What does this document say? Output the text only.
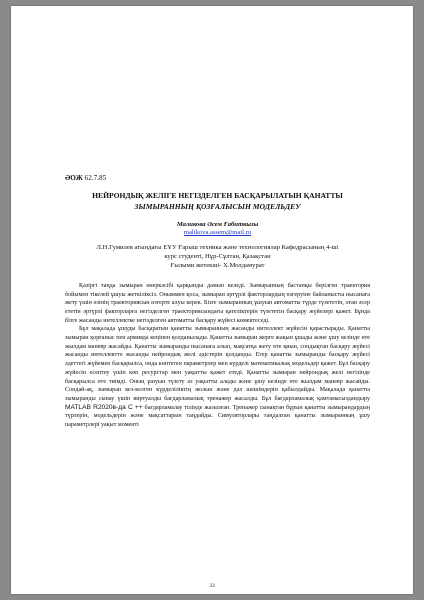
ӘОЖ 62.7.85
НЕЙРОНДЫҚ ЖЕЛІГЕ НЕГІЗДЕЛГЕН БАСҚАРЫЛАТЫН ҚАНАТТЫ
ЗЫМЫРАННЫҢ ҚОЗҒАЛЫСЫН МОДЕЛЬДЕУ
Маликова Әсем Ғабиткызы
malikova.assem@mail.ru
Л.Н.Гумилев атындағы ЕҰУ Ғарыш техника және технологиялар Кафедрасының 4-ші
курс студенті, Нұр-Сұлтан, Қазақстан
Ғылыми жетекші- Х.Молдамурат

Қазіргі таңда зымыран өнеркәсібі қарқынды дамып келеді. Зымыранның бастапқы берілген траектория бойымен тікелей ұшуы жеткіліксіз. Оныммен қоса, зымыран әртүрлі факторлардың өзгеруіне байланысты нысанаға жету үшін өзінің траекториясын өзгерте алуы керек. Бізге зымыранның ұшуын автоматты түрде түзететін, оған әсер ететін әртүрлі факторларға негізделген траекториясындағы қателіктерін түзететін басқару жүйелері қажет. Бұнда бізге жасанды интеллектке негізделген автоматты басқару жүйесі көмектеседі.

Бұл мақалада ұшуды басқаратын қанатты зымыранның жасанды интеллект жүйесін қарастырады. Қанатты зымыран қорғаныс пен армияда кеңінен қолданылады. Қанатты зымыран жерге жақын ұшады және ұшу кезінде өте жылдам маневр жасайды. Қанатты зымыранды нысанаға алып, мақсатқа жету өте қиын, сондықтан басқару жүйесі жасанды интеллектте жасанды нейрондық желі әдістерін қолданды. Егер қанатты зымыранды басқару жүйесі әдеттегі жүйемен басқарылса, онда көптеген параметрлер мен күрделі математикалық модельдер қажет. Бұл басқару жүйесін есептеу үшін көп ресурстар мен уақытты қажет етеді. Қанатты зымыран нейрондық желі негізінде басқарылса өте тиімді. Оның ұшуын түзету аз уақытты алады және ұшу кезінде өте жылдам маневр жасайды. Сондай-ақ, зымыран кез-келген күрделіліктің жолын және дәл шешімдерін қабылдайды. Мақалада қанатты зымыранды сынау үшін виртуалды бағдарламалық тренажер жасалды. Бұл бағдарламалық қамтамасыздандыру MATLAB R2020в-да C ++ бағдарламалау тілінде жазылған. Тренажер сынақтан бұрын қанатты зымырандардың түрлерін, модельдерін және мақсаттарын таңдайды. Симуляторлары таңдалған қанатты зымыранның ұшу параметрлері уақыт моменті

33
